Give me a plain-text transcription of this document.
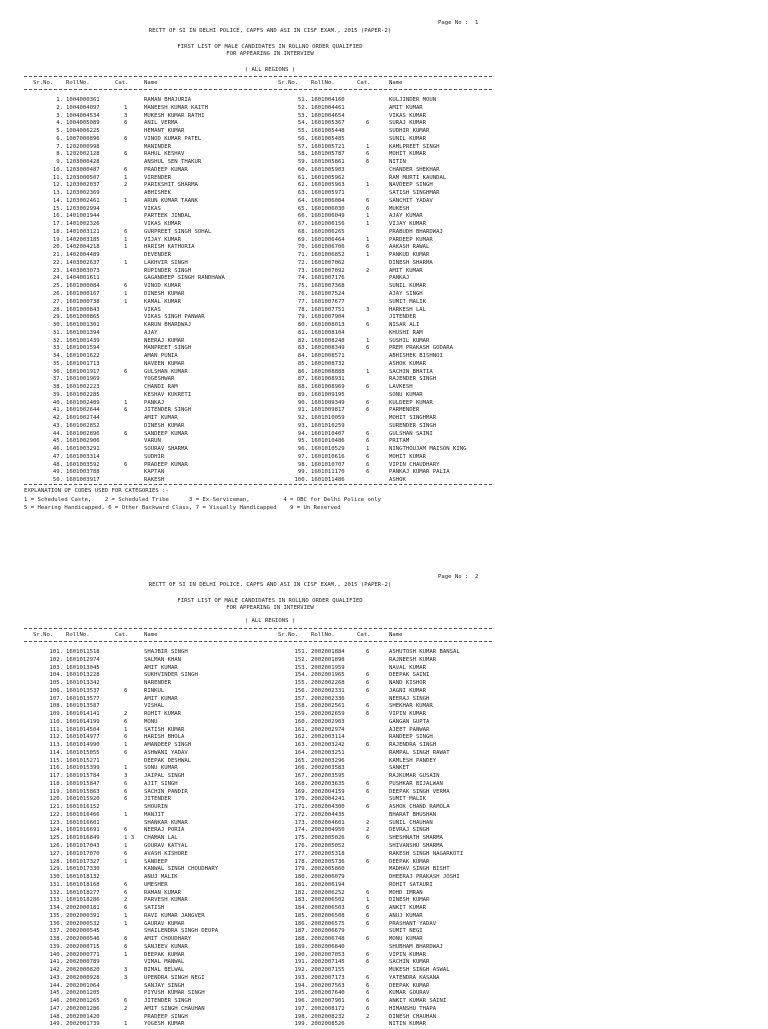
Page No :  1
RECTT OF SI IN DELHI POLICE, CAPFS AND ASI IN CISF EXAM., 2015 (PAPER-2)
FIRST LIST OF MALE CANDIDATES IN ROLLNO ORDER QUALIFIED
FOR APPEARING IN INTERVIEW
( ALL REGIONS )
Sr.No. RollNo.	Cat.	Name	Sr.No. RollNo.	Cat.	Name
1. 1004000361	RAMAN BHAJURIA
2. 1004004097	1	MANEESH KUMAR KAITH
3. 1004004534	3	MUKESH KUMAR RATHI
4. 1004005089	6	ANIL VERMA
5. 1004006225	HEMANT KUMAR
6. 1007000896	6	VINOD KUMAR PATEL
7. 1202000998	MANINDER
8. 1202002128	6	RAHUL KESHAV
9. 1203000428	ANSHUL SEN THAKUR
10. 1203000487	6	PRADEEP KUMAR
11. 1203000507	1	VIRENDER
12. 1203002037	2	PARIKSHIT SHARMA
13. 1203002369	ABHISHEK
14. 1203002461	1	ARUN KUMAR TAANK
15. 1203002994	VIKAS
16. 1401001944	PARTEEK JINDAL
17. 1401002326	VIKAS KUMAR
18. 1401003121	6	GURPREET SINGH SOHAL
19. 1402003185	1	VIJAY KUMAR
20. 1402004218	1	HARISH KATHORIA
21. 1402004489	DEVENDER
22. 1403002637	1	LAKHVIR SINGH
23. 1403003073	RUPINDER SINGH
24. 1404001611	GAGANDEEP SINGH RANDHAWA
25. 1601000084	6	VINOD KUMAR
26. 1601000167	1	DINESH KUMAR
27. 1601000738	1	KAMAL KUMAR
28. 1601000843	VIKAS
29. 1601000865	VIKAS SINGH PANWAR
30. 1601001301	KARUN BHARDWAJ
31. 1601001394	AJAY
32. 1601001439	NEERAJ KUMAR
33. 1601001594	MANPREET SINGH
34. 1601001622	AMAN PUNIA
35. 1601001713	NAVEEN KUMAR
36. 1601001917	6	GULSHAN KUMAR
37. 1601001969	YOGESHWAR
38. 1601002223	CHANDI RAM
39. 1601002285	KESHAV KUKRETI
40. 1601002409	1	PANKAJ
41. 1601002644	6	JITENDER SINGH
42. 1601002744	AMIT KUMAR
43. 1601002852	DINESH KUMAR
44. 1601002896	6	SANDEEP KUMAR
45. 1601002906	VARUN
46. 1601003291	SOURAV SHARMA
47. 1601003314	SUDHIR
48. 1601003592	6	PRADEEP KUMAR
49. 1601003788	KAPTAN
50. 1601003917	RAKESH
51. 1601004160	KULJINDER MOUN
52. 1601004461	AMIT KUMAR
53. 1601004654	VIKAS KUMAR
54. 1601005367	6	SURAJ KUMAR
55. 1601005448	SUDHIR KUMAR
56. 1601005485	SUNIL KUMAR
57. 1601005721	1	KAMLPREET SINGH
58. 1601005787	6	MOHIT KUMAR
59. 1601005861	6	NITIN
60. 1601005903	CHANDER SHEKHAR
61. 1601005962	RAM MURTI KAUNDAL
62. 1601005963	1	NAVDEEP SINGH
63. 1601005971	SATISH SINGHMAR
64. 1601006004	6	SANCHIT YADAV
65. 1601006030	6	MUKESH
66. 1601006049	1	AJAY KUMAR
67. 1601006156	1	VIJAY KUMAR
68. 1601006265	PRABUDH BHARDWAJ
69. 1601006464	1	PARDEEP KUMAR
70. 1601006706	6	AAKASH RAWAL
71. 1601006852	1	PANKUD KUMAR
72. 1601007062	DINESH SHARMA
73. 1601007092	2	AMIT KUMAR
74. 1601007176	PANKAJ
75. 1601007368	SUNIL KUMAR
76. 1601007524	AJAY SINGH
77. 1601007677	SUMIT MALIK
78. 1601007751	3	HARKESH LAL
79. 1601007904	JITENDER
80. 1601008013	6	NISAR ALI
81. 1601008104	KHUSHI RAM
82. 1601008248	1	SUSHIL KUMAR
83. 1601008349	6	PREM PRAKASH GODARA
84. 1601008571	ABHISHEK BISHNOI
85. 1601008732	ASHOK KUMAR
86. 1601008888	1	SACHIN BHATIA
87. 1601008931	RAJENDER SINGH
88. 1601008969	6	LAVKESH
89. 1601009195	SONU KUMAR
90. 1601009349	6	KULDEEP KUMAR
91. 1601009817	6	PARMENDER
92. 1601010059	MOHIT SINGHMAR
93. 1601010259	SURENDER SINGH
94. 1601010407	6	GULSHAN SAINI
95. 1601010486	6	PRITAM
96. 1601010529	1	NINGTHOUJAM MAISON KING
97. 1601010616	6	MOHIT KUMAR
98. 1601010707	6	VIPIN CHAUDHARY
99. 1601011170	6	PANKAJ KUMAR PALIA
100. 1601011486	ASHOK
EXPLANATION OF CODES USED FOR CATEGORIES :-
1 = Scheduled Caste,    2 = Scheduled Tribe      3 = Ex-Serviceman,          4 = OBC for Delhi Police only
5 = Hearing Handicapped, 6 = Other Backward Class, 7 = Visually Handicapped    9 = Un Reserved
Page No :  2
RECTT OF SI IN DELHI POLICE, CAPFS AND ASI IN CISF EXAM., 2015 (PAPER-2)
FIRST LIST OF MALE CANDIDATES IN ROLLNO ORDER QUALIFIED
FOR APPEARING IN INTERVIEW
( ALL REGIONS )
Sr.No. RollNo.	Cat.	Name	Sr.No. RollNo.	Cat.	Name
101. 1601011518	SHAJBIR SINGH
102. 1601012974	SALMAN KHAN
103. 1601013045	AMIT KUMAR
104. 1601013228	SUKHVINDER SINGH
105. 1601013342	NARENDER
106. 1601013537	6	RINKUL
107. 1601013577	AMIT KUMAR
108. 1601013587	VISHAL
109. 1601014141	2	ROHIT KUMAR
110. 1601014199	6	MONU
111. 1601014504	1	SATISH KUMAR
112. 1601014977	6	HARISH BHOLA
113. 1601014990	1	AMANDEEP SINGH
114. 1601015055	6	ASHWANI YADAV
115. 1601015271	DEEPAK DESHWAL
116. 1601015399	1	SONU KUMAR
117. 1601015784	3	JAIPAL SINGH
118. 1601015847	6	AJIT SINGH
119. 1601015863	6	SACHIN PANDIR
120. 1601015920	6	JITENDER
121. 1601016152	SHOURIN
122. 1601016466	1	MANJIT
123. 1601016601	SHANKAR KUMAR
124. 1601016691	6	NEERAJ PORIA
125. 1601016849	1 3 CHAMAN LAL
126. 1601017043	1	GOURAV KATYAL
127. 1601017070	6	AVASH KISHORE
128. 1601017327	1	SANDEEP
129. 1601017330	KANWAL SINGH CHOUDHARY
130. 1601018132	ANUJ MALIK
131. 1601018168	6	UMESHER
132. 1601018277	6	RAMAN KUMAR
133. 1601018286	2	PARVESH KUMAR
134. 2002000181	6	SATISH
135. 2002000391	1	RAVI KUMAR JANGVER
136. 2002000532	1	GAURAV KUMAR
137. 2002000545	SHAILENDRA SINGH DEOPA
138. 2002000546	6	AMIT CHOUDHARY
139. 2002000715	6	SANJEEV KUMAR
140. 2002000771	1	DEEPAK KUMAR
141. 2002000789	VIMAL MANWAL
142. 2002000820	3	BIMAL BELWAL
143. 2002000928	3	UPENDRA SINGH NEGI
144. 2002001064	SANJAY SINGH
145. 2002001205	PIYUSH KUMAR SINGH
146. 2002001265	6	JITENDER SINGH
147. 2002001286	2	AMIT SINGH CHAUHAN
148. 2002001420	PRADEEP SINGH
149. 2002001739	1	YOGESH KUMAR
151. 2002001884	6	ASHUTOSH KUMAR BANSAL
152. 2002001898	RAJNEESH KUMAR
153. 2002001959	NAVAL KUMAR
154. 2002001965	6	DEEPAK SAINI
155. 2002002268	6	NAND KISHOR
156. 2002002331	6	JAGNI KUMAR
157. 2002002336	NEERAJ SINGH
158. 2002002561	6	SHEKHAR KUMAR
159. 2002002659	6	VIPIN KUMAR
160. 2002002903	GANGAN GUPTA
161. 2002002974	AJEET PANWAR
162. 2002003114	RANDEEP SINGH
163. 2002003242	6	RAJENDRA SINGH
164. 2002003251	RAMPAL SINGH RAWAT
165. 2002003296	KAMLESH PANDEY
166. 2002003583	SANKET
167. 2002003595	RAJKUMAR GUSAIN
168. 2002003635	6	PUSHKAR BIJALWAN
169. 2002004159	6	DEEPAK SINGH VERMA
170. 2002004241	SUMIT MALIK
171. 2002004300	6	ASHOK CHAND RAMOLA
172. 2002004435	BHARAT BHUSHAN
173. 2002004601	2	SUNIL CHAUHAN
174. 2002004950	2	DEVRAJ SINGH
175. 2002005026	6	SHESHNATH SHARMA
176. 2002005052	SHIVANSHU SHARMA
177. 2002005318	RAKESH SINGH NAGARKOTI
178. 2002005736	6	DEEPAK KUMAR
179. 2002005860	MADHAV SINGH BISHT
180. 2002006079	DHEERAJ PRAKASH JOSHI
181. 2002006194	ROHIT SATAURI
182. 2002006252	6	MOHD IMRAN
183. 2002006502	1	DINESH KUMAR
184. 2002006503	6	ANKIT KUMAR
185. 2002006508	6	ANUJ KUMAR
186. 2002006575	6	PRASHANT YADAV
187. 2002006679	SUMIT NEGI
188. 2002006748	6	MONU KUMAR
189. 2002006840	SHUBHAM BHARDWAJ
190. 2002007053	6	VIPIN KUMAR
191. 2002007145	6	SACHIN KUMAR
192. 2002007155	MUKESH SINGH ASWAL
193. 2002007173	6	YATENDRA KASANA
194. 2002007563	6	DEEPAK KUMAR
195. 2002007640	6	KUMAR GOURAV
196. 2002007901	6	ANKIT KUMAR SAINI
197. 2002008172	6	HIMANSHU THAPA
198. 2002008232	2	DINESH CHAUHAN
199. 2002008526	NITIN KUMAR
